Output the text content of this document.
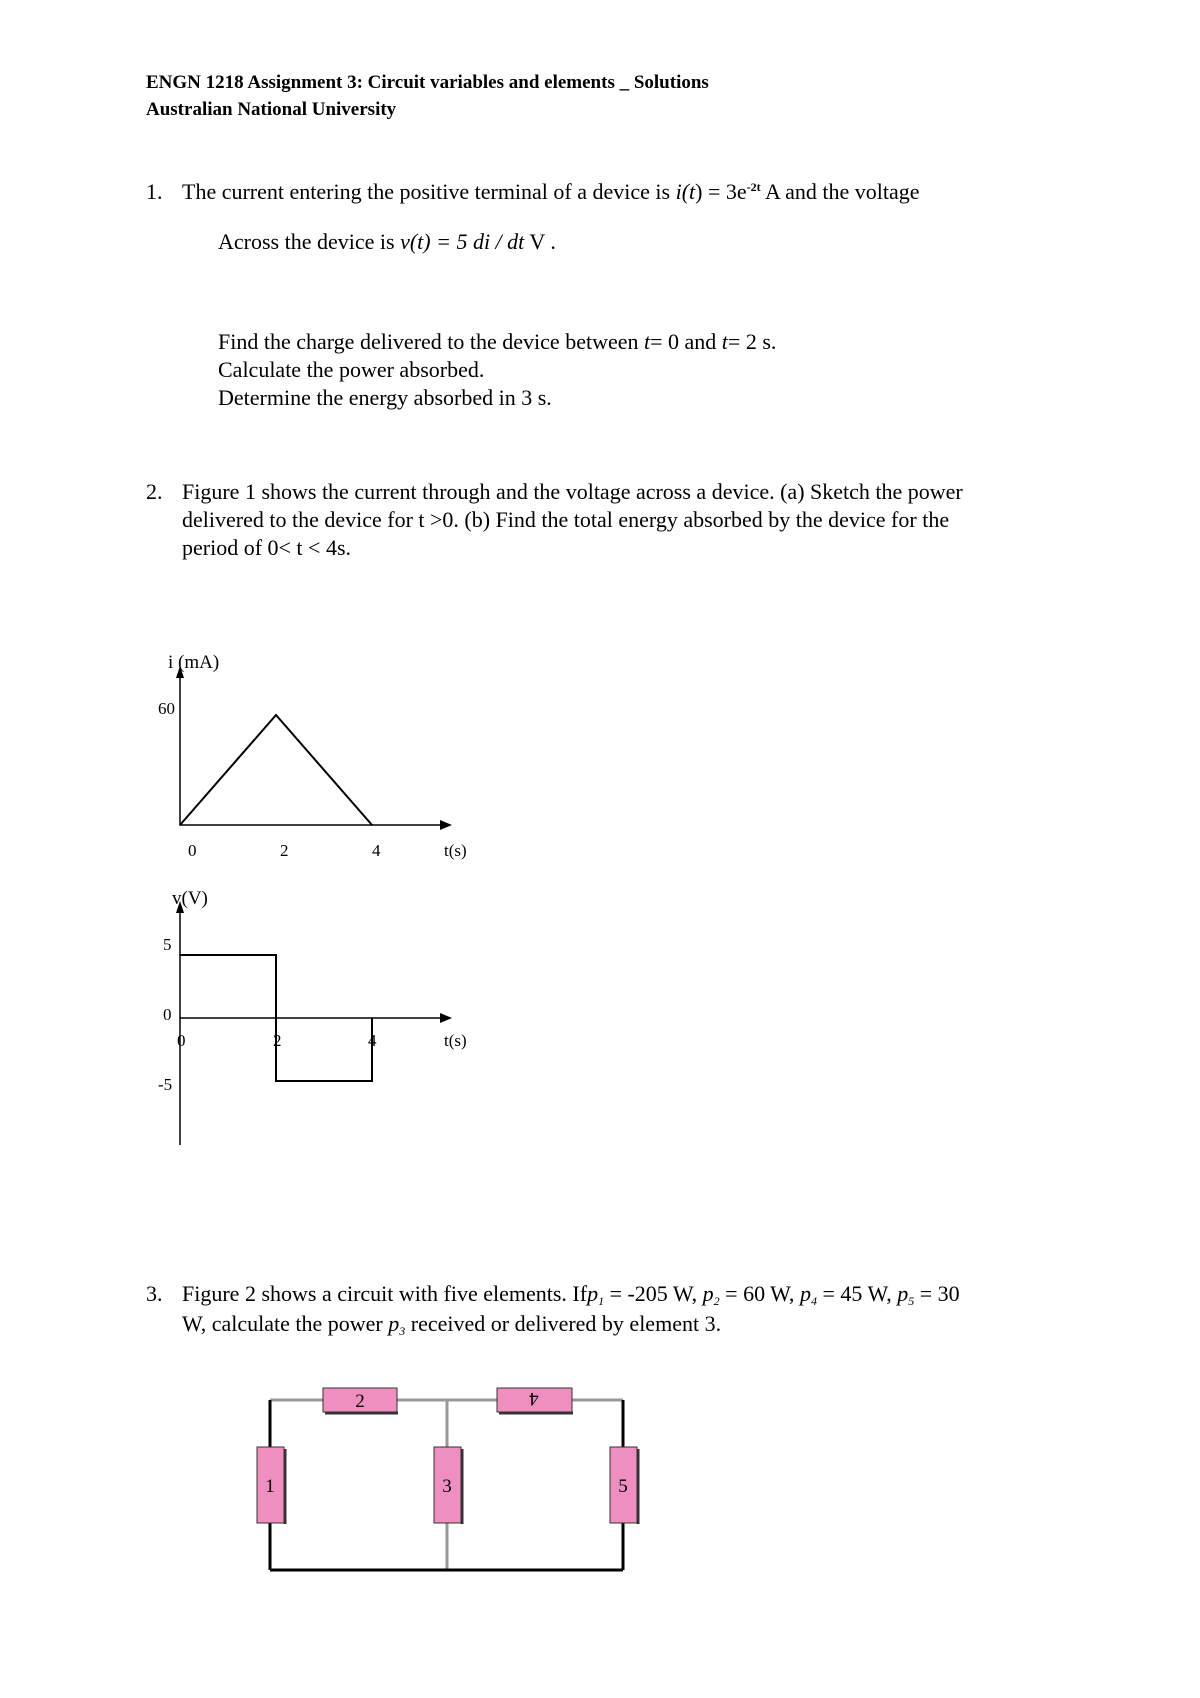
ENGN 1218 Assignment 3: Circuit variables and elements _ Solutions
Australian National University
1. The current entering the positive terminal of a device is $i(t) = 3e^{-2t}$ A and the voltage
Across the device is v(t) = 5 di / dt V .
Find the charge delivered to the device between t= 0 and t= 2 s.
Calculate the power absorbed.
Determine the energy absorbed in 3 s.
2. Figure 1 shows the current through and the voltage across a device. (a) Sketch the power
delivered to the device for t >0. (b) Find the total energy absorbed by the device for the
period of 0< t < 4s.
i (mA)
60
0	2	4	t(s)
v(V)
5
0
-5
0	2	4	t(s)
3. Figure 2 shows a circuit with five elements. Ifp$_1$ = -205 W, $p_2 = 60$ W, $p_4 = 45$ W, $p_5 = 30$
W, calculate the power $p_3$ received or delivered by element 3.
2	4
1	3	5
